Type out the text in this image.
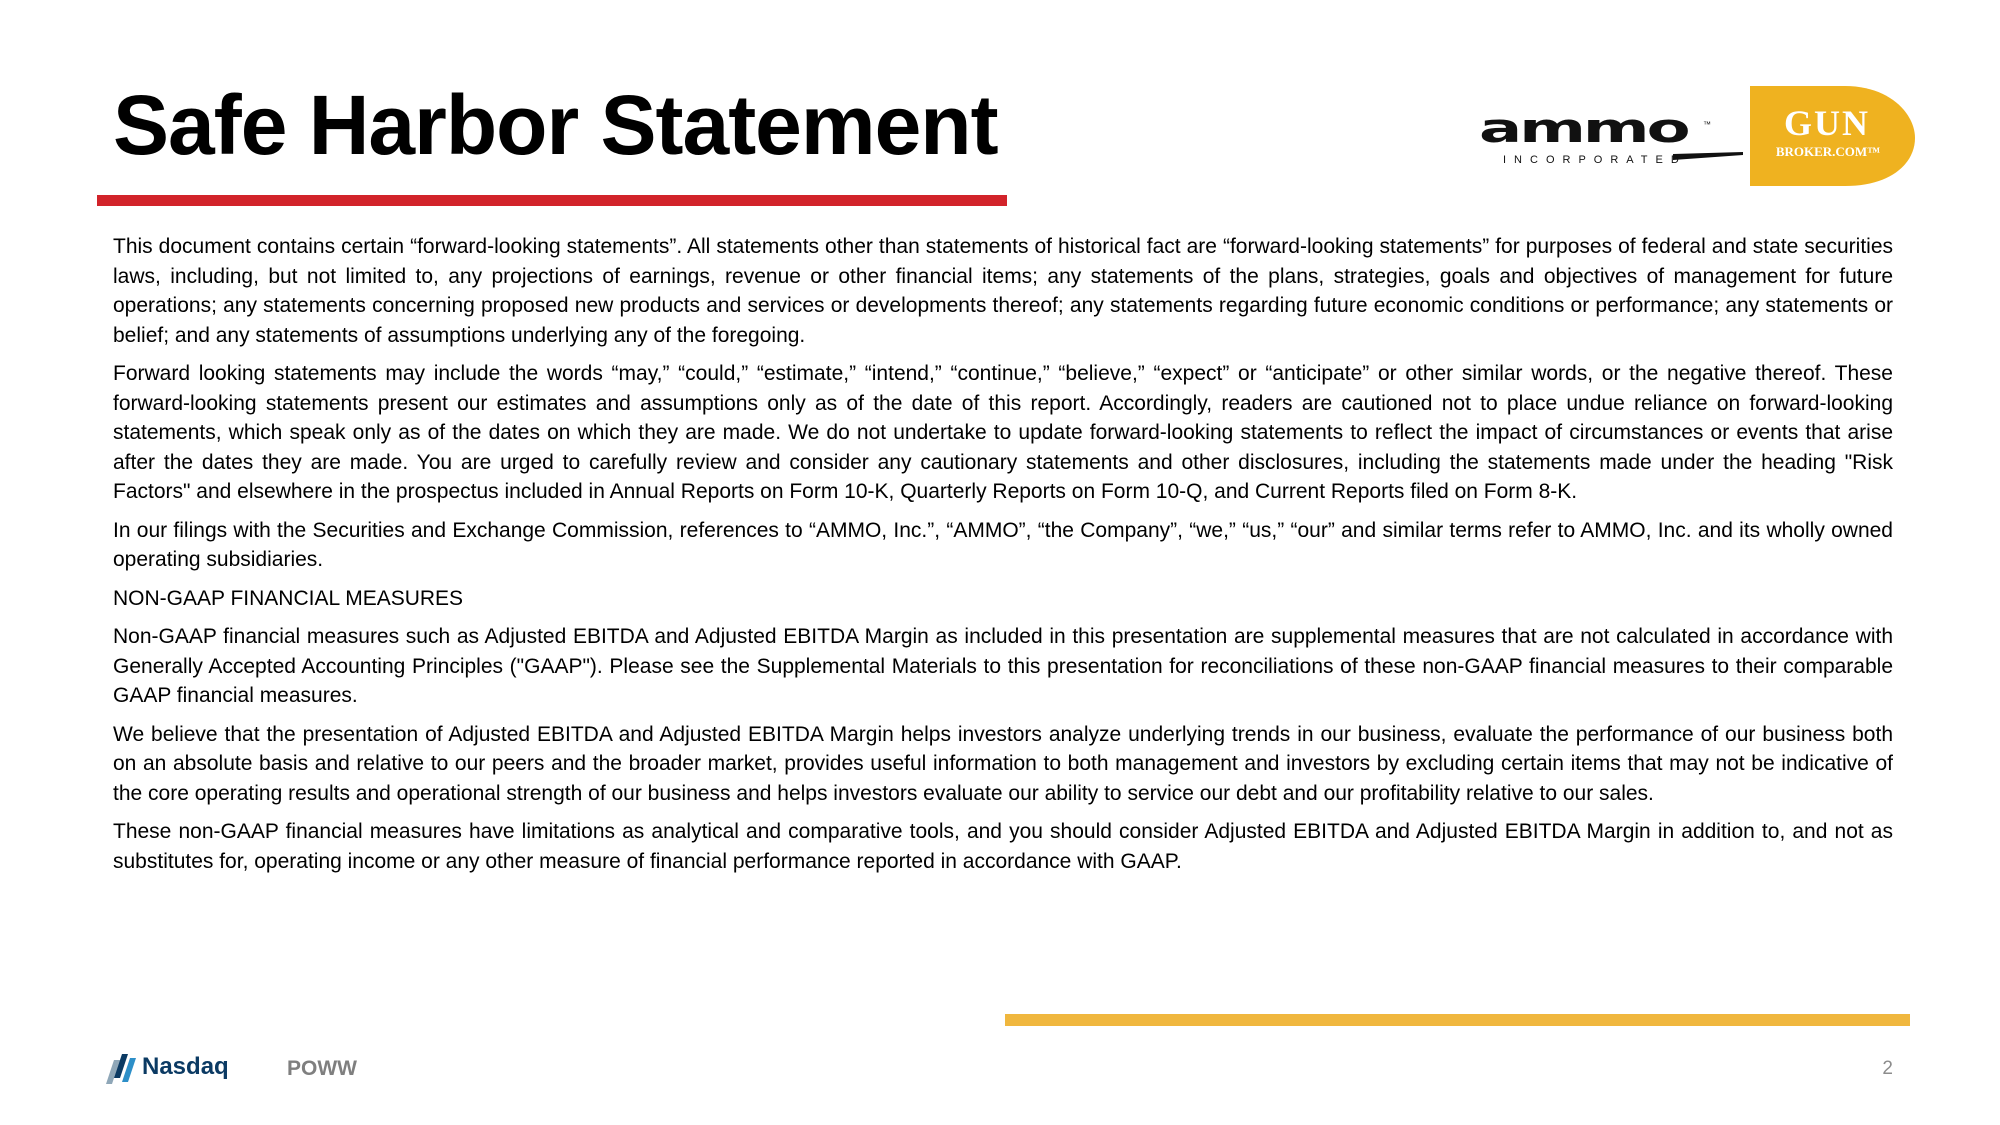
Safe Harbor Statement	ammo ™
INCORPORATED
GUN
BROKER.COM™

This document contains certain “forward-looking statements”. All statements other than statements of historical fact are “forward-looking statements” for purposes of federal and state securities laws, including, but not limited to, any projections of earnings, revenue or other financial items; any statements of the plans, strategies, goals and objectives of management for future operations; any statements concerning proposed new products and services or developments thereof; any statements regarding future economic conditions or performance; any statements or belief; and any statements of assumptions underlying any of the foregoing.

Forward looking statements may include the words “may,” “could,” “estimate,” “intend,” “continue,” “believe,” “expect” or “anticipate” or other similar words, or the negative thereof. These forward-looking statements present our estimates and assumptions only as of the date of this report. Accordingly, readers are cautioned not to place undue reliance on forward-looking statements, which speak only as of the dates on which they are made. We do not undertake to update forward-looking statements to reflect the impact of circumstances or events that arise after the dates they are made. You are urged to carefully review and consider any cautionary statements and other disclosures, including the statements made under the heading "Risk Factors" and elsewhere in the prospectus included in Annual Reports on Form 10-K, Quarterly Reports on Form 10-Q, and Current Reports filed on Form 8-K.

In our filings with the Securities and Exchange Commission, references to “AMMO, Inc.”, “AMMO”, “the Company”, “we,” “us,” “our” and similar terms refer to AMMO, Inc. and its wholly owned operating subsidiaries.

NON-GAAP FINANCIAL MEASURES

Non-GAAP financial measures such as Adjusted EBITDA and Adjusted EBITDA Margin as included in this presentation are supplemental measures that are not calculated in accordance with Generally Accepted Accounting Principles ("GAAP"). Please see the Supplemental Materials to this presentation for reconciliations of these non-GAAP financial measures to their comparable GAAP financial measures.

We believe that the presentation of Adjusted EBITDA and Adjusted EBITDA Margin helps investors analyze underlying trends in our business, evaluate the performance of our business both on an absolute basis and relative to our peers and the broader market, provides useful information to both management and investors by excluding certain items that may not be indicative of the core operating results and operational strength of our business and helps investors evaluate our ability to service our debt and our profitability relative to our sales.

These non-GAAP financial measures have limitations as analytical and comparative tools, and you should consider Adjusted EBITDA and Adjusted EBITDA Margin in addition to, and not as substitutes for, operating income or any other measure of financial performance reported in accordance with GAAP.

Nasdaq	POWW	2
